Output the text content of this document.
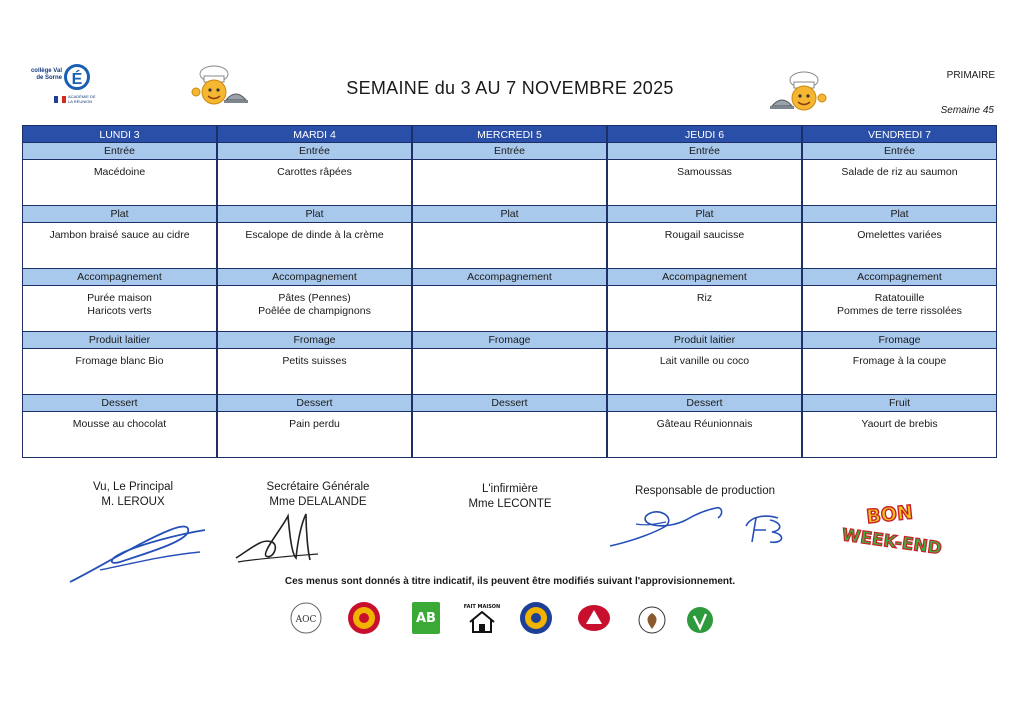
collège Val de Sorne É
ACADÉMIE DE LA RÉUNION
SEMAINE du 3 AU 7 NOVEMBRE 2025
PRIMAIRE
Semaine 45
LUNDI 3
Entrée
Macédoine
Plat
Jambon braisé sauce au cidre
Accompagnement
Purée maison
Haricots verts
Produit laitier
Fromage blanc Bio
Dessert
Mousse au chocolat
MARDI 4
Entrée
Carottes râpées
Plat
Escalope de dinde à la crème
Accompagnement
Pâtes (Pennes)
Poêlée de champignons
Fromage
Petits suisses
Dessert
Pain perdu
MERCREDI 5
Entrée
Plat
Accompagnement
Fromage
Dessert
JEUDI 6
Entrée
Samoussas
Plat
Rougail saucisse
Accompagnement
Riz
Produit laitier
Lait vanille ou coco
Dessert
Gâteau Réunionnais
VENDREDI 7
Entrée
Salade de riz au saumon
Plat
Omelettes variées
Accompagnement
Ratatouille
Pommes de terre rissolées
Fromage
Fromage à la coupe
Fruit
Yaourt de brebis
Vu, Le Principal
M. LEROUX
Secrétaire Générale
Mme DELALANDE
L'infirmière
Mme LECONTE
Responsable de production
BON
WEEK-END
Ces menus sont donnés à titre indicatif, ils peuvent être modifiés suivant l'approvisionnement.
AOC	AB
FAIT MAISON
